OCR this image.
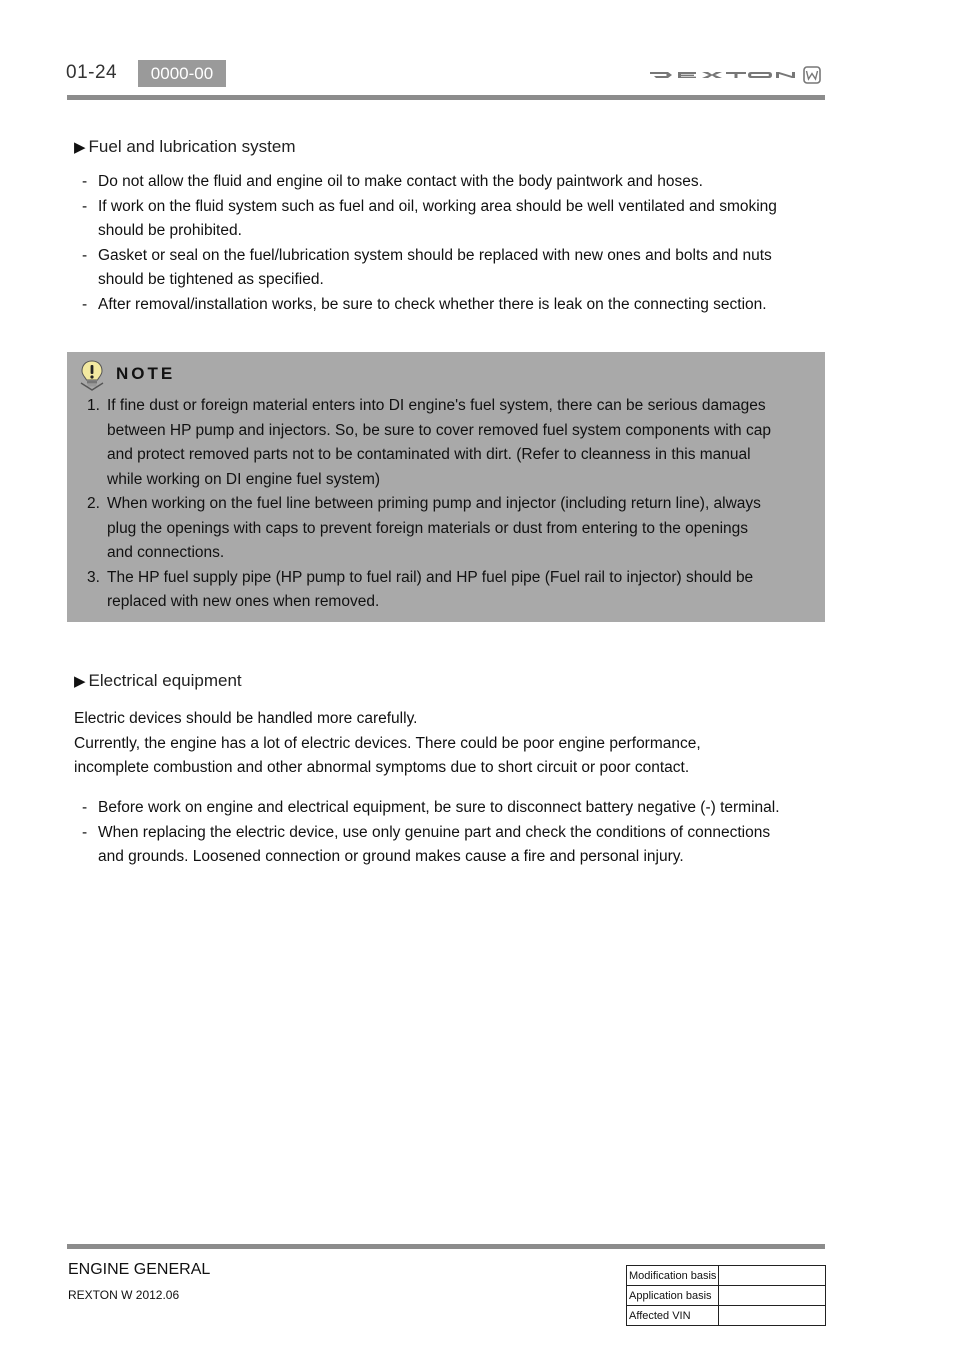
01-24	0000-00
▶ Fuel and lubrication system
- Do not allow the fluid and engine oil to make contact with the body paintwork and hoses.
- If work on the fluid system such as fuel and oil, working area should be well ventilated and smoking should be prohibited.
- Gasket or seal on the fuel/lubrication system should be replaced with new ones and bolts and nuts should be tightened as specified.
- After removal/installation works, be sure to check whether there is leak on the connecting section.
NOTE
1. If fine dust or foreign material enters into DI engine's fuel system, there can be serious damages between HP pump and injectors. So, be sure to cover removed fuel system components with cap and protect removed parts not to be contaminated with dirt. (Refer to cleanness in this manual while working on DI engine fuel system)
2. When working on the fuel line between priming pump and injector (including return line), always plug the openings with caps to prevent foreign materials or dust from entering to the openings and connections.
3. The HP fuel supply pipe (HP pump to fuel rail) and HP fuel pipe (Fuel rail to injector) should be replaced with new ones when removed.
▶ Electrical equipment
Electric devices should be handled more carefully.
Currently, the engine has a lot of electric devices. There could be poor engine performance, incomplete combustion and other abnormal symptoms due to short circuit or poor contact.
- Before work on engine and electrical equipment, be sure to disconnect battery negative (-) terminal.
- When replacing the electric device, use only genuine part and check the conditions of connections and grounds. Loosened connection or ground makes cause a fire and personal injury.
ENGINE GENERAL
REXTON W 2012.06
Modification basis	
Application basis	
Affected VIN	
